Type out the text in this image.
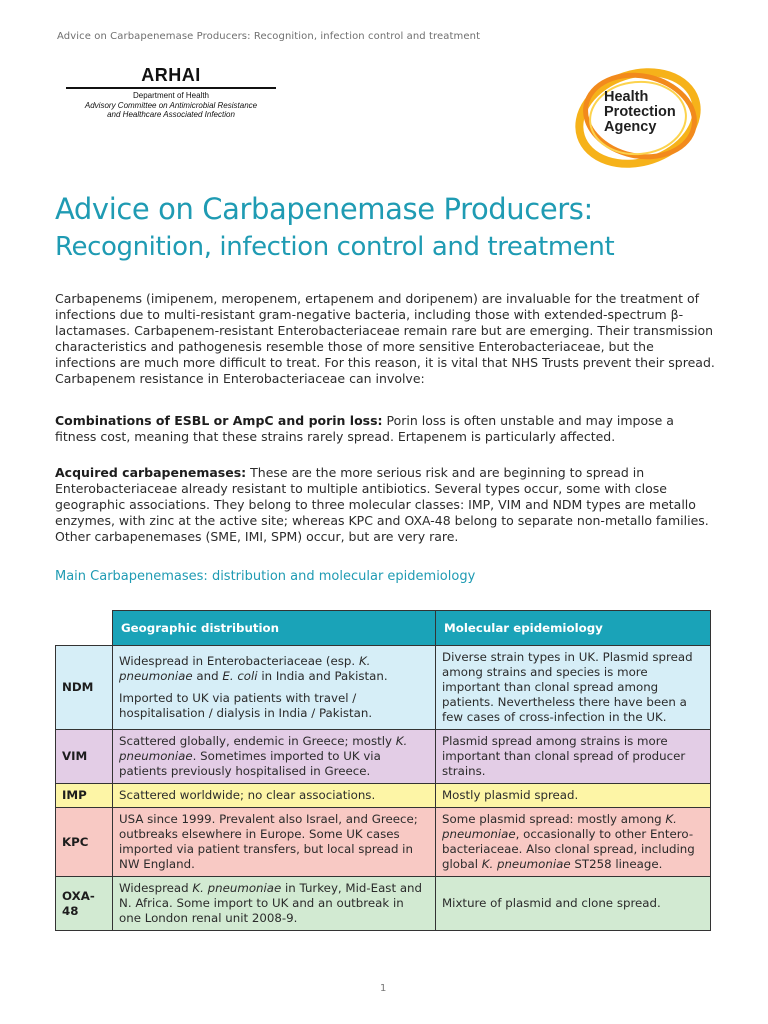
Advice on Carbapenemase Producers: Recognition, infection control and treatment
ARHAI
Department of Health
Advisory Committee on Antimicrobial Resistance
and Healthcare Associated Infection
Health
Protection
Agency
Advice on Carbapenemase Producers:
Recognition, infection control and treatment
Carbapenems (imipenem, meropenem, ertapenem and doripenem) are invaluable for the treatment of infections due to multi-resistant gram-negative bacteria, including those with extended-spectrum β-lactamases. Carbapenem-resistant Enterobacteriaceae remain rare but are emerging. Their transmission characteristics and pathogenesis resemble those of more sensitive Enterobacteriaceae, but the infections are much more difficult to treat. For this reason, it is vital that NHS Trusts prevent their spread. Carbapenem resistance in Enterobacteriaceae can involve:
Combinations of ESBL or AmpC and porin loss: Porin loss is often unstable and may impose a fitness cost, meaning that these strains rarely spread. Ertapenem is particularly affected.
Acquired carbapenemases: These are the more serious risk and are beginning to spread in Enterobacteriaceae already resistant to multiple antibiotics. Several types occur, some with close geographic associations. They belong to three molecular classes: IMP, VIM and NDM types are metallo enzymes, with zinc at the active site; whereas KPC and OXA-48 belong to separate non-metallo families. Other carbapenemases (SME, IMI, SPM) occur, but are very rare.
Main Carbapenemases: distribution and molecular epidemiology
	Geographic distribution	Molecular epidemiology
NDM	Widespread in Enterobacteriaceae (esp. K. pneumoniae and E. coli in India and Pakistan.

Imported to UK via patients with travel / hospitalisation / dialysis in India / Pakistan.	Diverse strain types in UK. Plasmid spread among strains and species is more important than clonal spread among patients. Nevertheless there have been a few cases of cross-infection in the UK.
VIM	Scattered globally, endemic in Greece; mostly K. pneumoniae. Sometimes imported to UK via patients previously hospitalised in Greece.	Plasmid spread among strains is more important than clonal spread of producer strains.
IMP	Scattered worldwide; no clear associations.	Mostly plasmid spread.
KPC	USA since 1999. Prevalent also Israel, and Greece; outbreaks elsewhere in Europe. Some UK cases imported via patient transfers, but local spread in NW England.	Some plasmid spread: mostly among K. pneumoniae, occasionally to other Entero-bacteriaceae. Also clonal spread, including global K. pneumoniae ST258 lineage.
OXA-48	Widespread K. pneumoniae in Turkey, Mid-East and N. Africa. Some import to UK and an outbreak in one London renal unit 2008-9.	Mixture of plasmid and clone spread.
1
